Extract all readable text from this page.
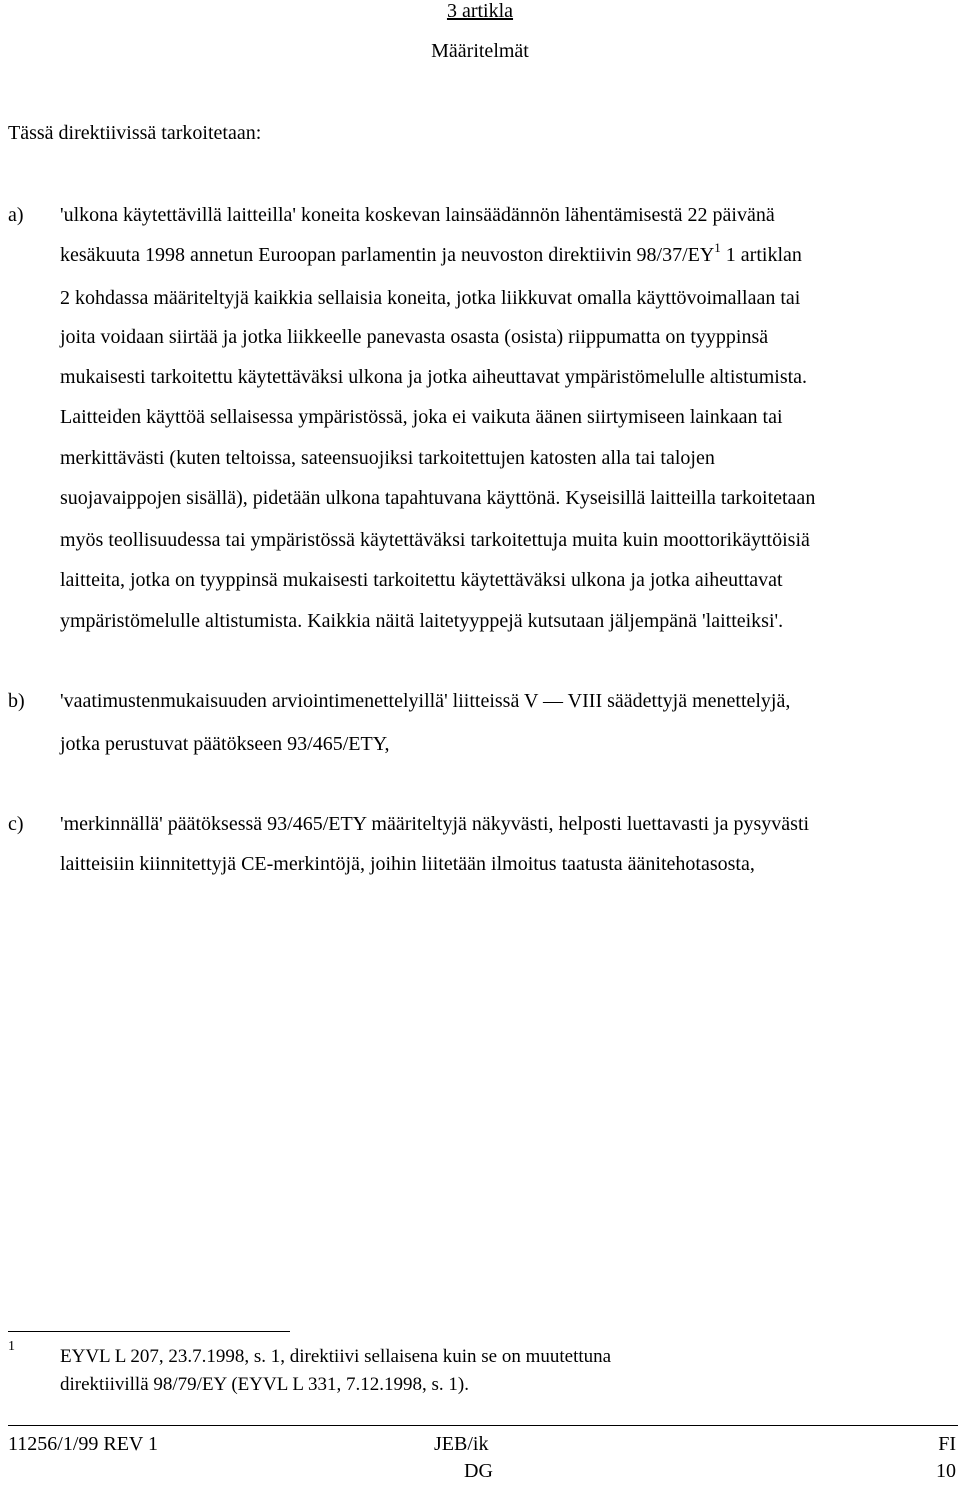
3 artikla
Määritelmät
Tässä direktiivissä tarkoitetaan:
a) 'ulkona käytettävillä laitteilla' koneita koskevan lainsäädännön lähentämisestä 22 päivänä
kesäkuuta 1998 annetun Euroopan parlamentin ja neuvoston direktiivin $98/37/EY^1$ 1 artiklan
2 kohdassa määriteltyjä kaikkia sellaisia koneita, jotka liikkuvat omalla käyttövoimallaan tai
joita voidaan siirtää ja jotka liikkeelle panevasta osasta (osista) riippumatta on tyyppinsä
mukaisesti tarkoitettu käytettäväksi ulkona ja jotka aiheuttavat ympäristömelulle altistumista.
Laitteiden käyttöä sellaisessa ympäristössä, joka ei vaikuta äänen siirtymiseen lainkaan tai
merkittävästi (kuten teltoissa, sateensuojiksi tarkoitettujen katosten alla tai talojen
suojavaippojen sisällä), pidetään ulkona tapahtuvana käyttönä. Kyseisillä laitteilla tarkoitetaan
myös teollisuudessa tai ympäristössä käytettäväksi tarkoitettuja muita kuin moottorikäyttöisiä
laitteita, jotka on tyyppinsä mukaisesti tarkoitettu käytettäväksi ulkona ja jotka aiheuttavat
ympäristömelulle altistumista. Kaikkia näitä laitetyyppejä kutsutaan jäljempänä 'laitteiksi'.
b) 'vaatimustenmukaisuuden arviointimenettelyillä' liitteissä V — VIII säädettyjä menettelyjä,
jotka perustuvat päätökseen 93/465/ETY,
c) 'merkinnällä' päätöksessä 93/465/ETY määriteltyjä näkyvästi, helposti luettavasti ja pysyvästi
laitteisiin kiinnitettyjä CE-merkintöjä, joihin liitetään ilmoitus taatusta äänitehotasosta,
1 EYVL L 207, 23.7.1998, s. 1, direktiivi sellaisena kuin se on muutettuna
direktiivillä 98/79/EY (EYVL L 331, 7.12.1998, s. 1).
11256/1/99 REV 1	JEB/ik	FI
DG	10
